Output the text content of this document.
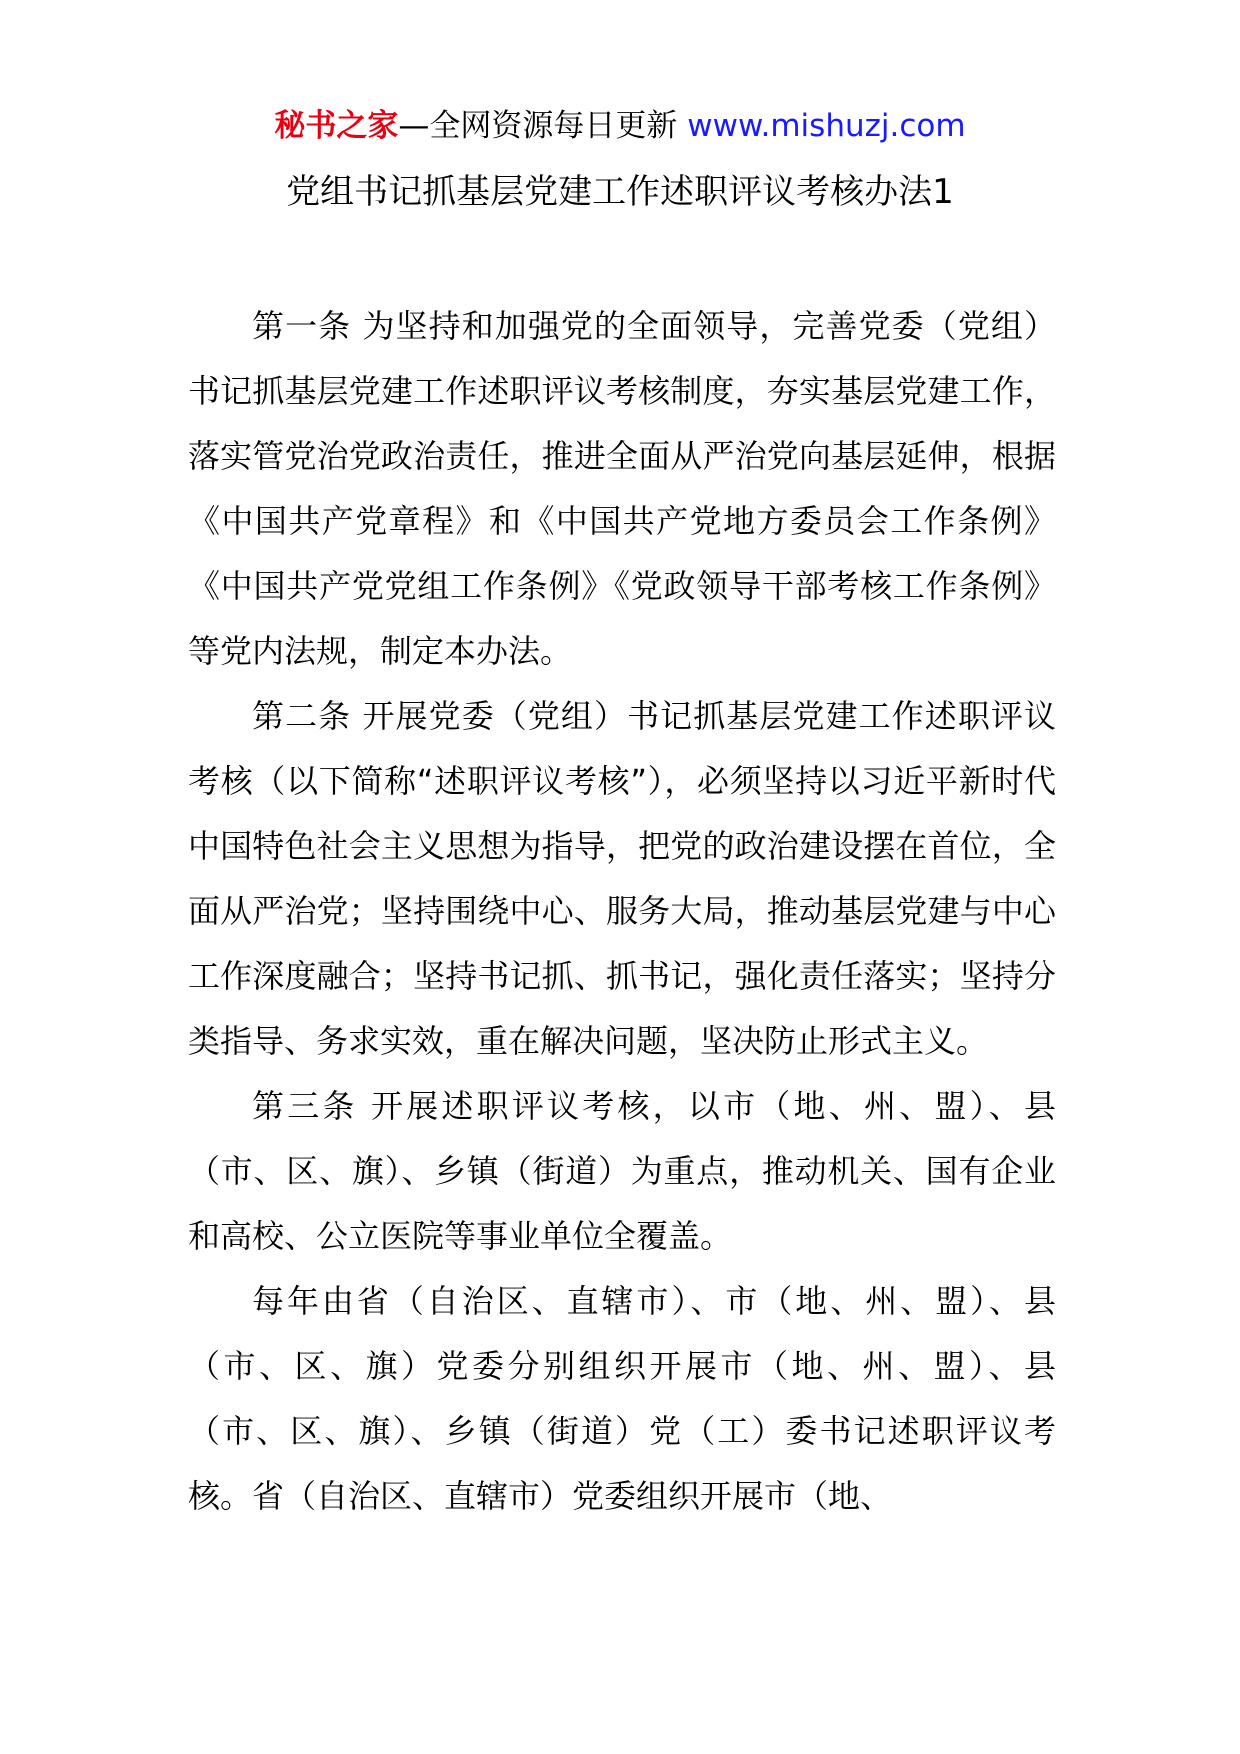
秘书之家—全网资源每日更新 www.mishuzj.com
党组书记抓基层党建工作述职评议考核办法1

第一条 为坚持和加强党的全面领导，完善党委（党组）书记抓基层党建工作述职评议考核制度，夯实基层党建工作，落实管党治党政治责任，推进全面从严治党向基层延伸，根据《中国共产党章程》和《中国共产党地方委员会工作条例》《中国共产党党组工作条例》《党政领导干部考核工作条例》等党内法规，制定本办法。

第二条 开展党委（党组）书记抓基层党建工作述职评议考核（以下简称“述职评议考核”），必须坚持以习近平新时代中国特色社会主义思想为指导，把党的政治建设摆在首位，全面从严治党；坚持围绕中心、服务大局，推动基层党建与中心工作深度融合；坚持书记抓、抓书记，强化责任落实；坚持分类指导、务求实效，重在解决问题，坚决防止形式主义。

第三条 开展述职评议考核，以市（地、州、盟）、县（市、区、旗）、乡镇（街道）为重点，推动机关、国有企业和高校、公立医院等事业单位全覆盖。

每年由省（自治区、直辖市）、市（地、州、盟）、县（市、区、旗）党委分别组织开展市（地、州、盟）、县（市、区、旗）、乡镇（街道）党（工）委书记述职评议考核。省（自治区、直辖市）党委组织开展市（地、
